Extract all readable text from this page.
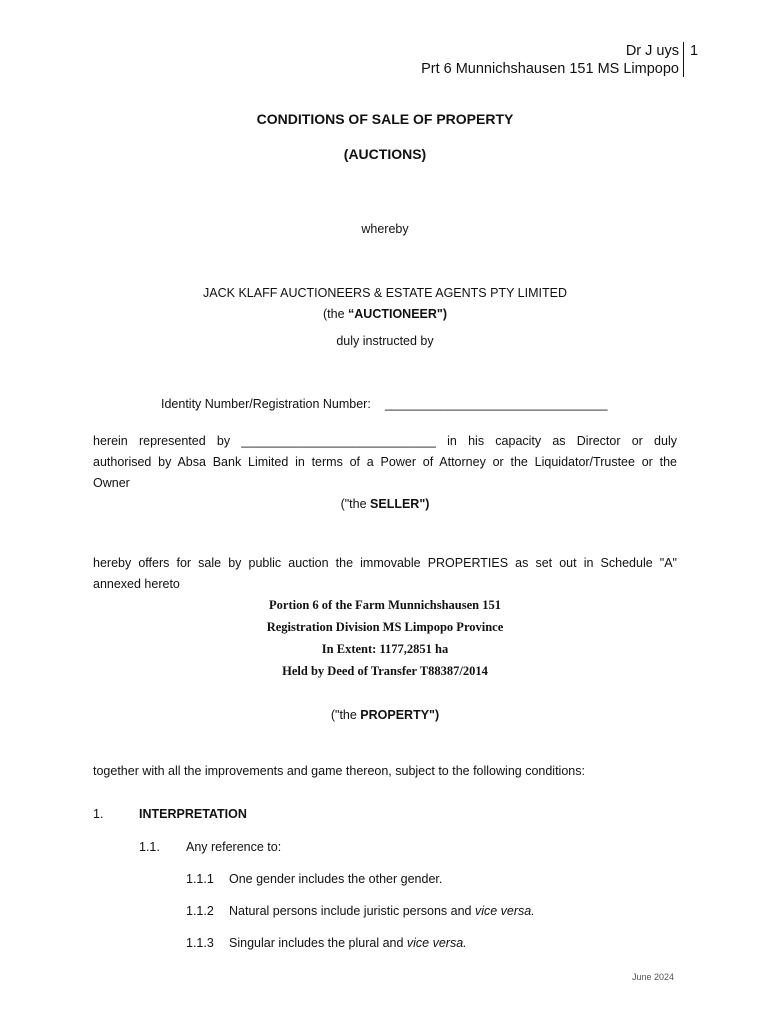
Dr J uys
Prt 6 Munnichshausen 151 MS Limpopo
1
CONDITIONS OF SALE OF PROPERTY
(AUCTIONS)
whereby
JACK KLAFF AUCTIONEERS & ESTATE AGENTS PTY LIMITED
(the “AUCTIONEER")
duly instructed by
Identity Number/Registration Number: ________________________________
herein represented by ____________________________ in his capacity as Director or duly
authorised by Absa Bank Limited in terms of a Power of Attorney or the Liquidator/Trustee or the
Owner
("the SELLER")
hereby offers for sale by public auction the immovable PROPERTIES as set out in Schedule "A"
annexed hereto
Portion 6 of the Farm Munnichshausen 151
Registration Division MS Limpopo Province
In Extent: 1177,2851 ha
Held by Deed of Transfer T88387/2014
("the PROPERTY")
together with all the improvements and game thereon, subject to the following conditions:
1.	INTERPRETATION
1.1. Any reference to:
1.1.1 One gender includes the other gender.
1.1.2 Natural persons include juristic persons and vice versa.
1.1.3 Singular includes the plural and vice versa.
June 2024
